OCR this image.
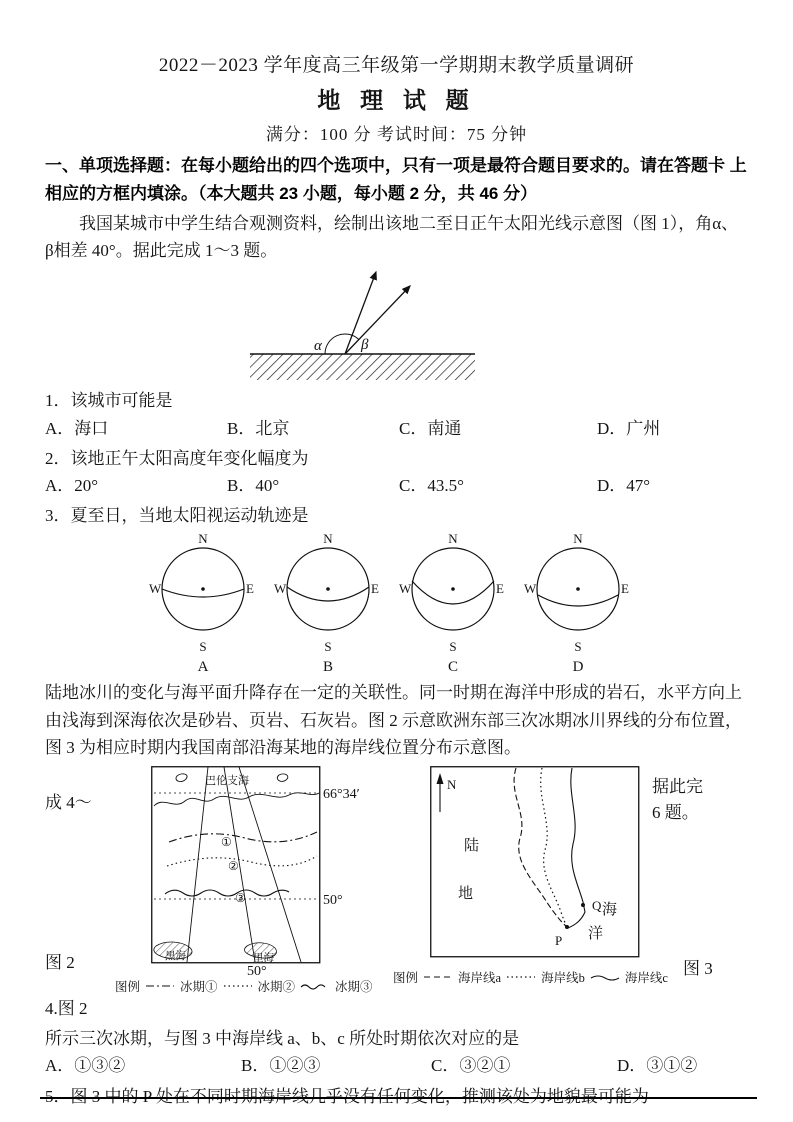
2022－2023 学年度高三年级第一学期期末教学质量调研
地 理 试 题
满分：100 分 考试时间：75 分钟

一、单项选择题：在每小题给出的四个选项中，只有一项是最符合题目要求的。请在答题卡 上相应的方框内填涂。（本大题共 23 小题，每小题 2 分，共 46 分）

我国某城市中学生结合观测资料，绘制出该地二至日正午太阳光线示意图（图 1），角α、 β相差 40°。据此完成 1～3 题。

α	β

1．该城市可能是

A．海口	B．北京	C．南通	D．广州

2．该地正午太阳高度年变化幅度为

A．20°	B．40°	C．43.5°	D．47°

3．夏至日，当地太阳视运动轨迹是

N
S
W	E
A
N
S
W	E
B
N
S
W	E
C
N
S
W	E
D

陆地冰川的变化与海平面升降存在一定的关联性。同一时期在海洋中形成的岩石，水平方向上由浅海到深海依次是砂岩、页岩、石灰岩。图 2 示意欧洲东部三次冰期冰川界线的分布位置，图 3 为相应时期内我国南部沿海某地的海岸线位置分布示意图。

①
②
③
巴伦支海
黑海	里海
66°34′
50°
50°
N
陆
地
海
洋
Q
P
据此完
成 4～
6 题。
图 2	图 3
图例	冰期①	冰期②	冰期③
图例	海岸线a	海岸线b	海岸线c

4.图 2

所示三次冰期，与图 3 中海岸线 a、b、c 所处时期依次对应的是

A．①③②	B．①②③	C．③②①	D．③①②

5．图 3 中的 P 处在不同时期海岸线几乎没有任何变化，推测该处为地貌最可能为
